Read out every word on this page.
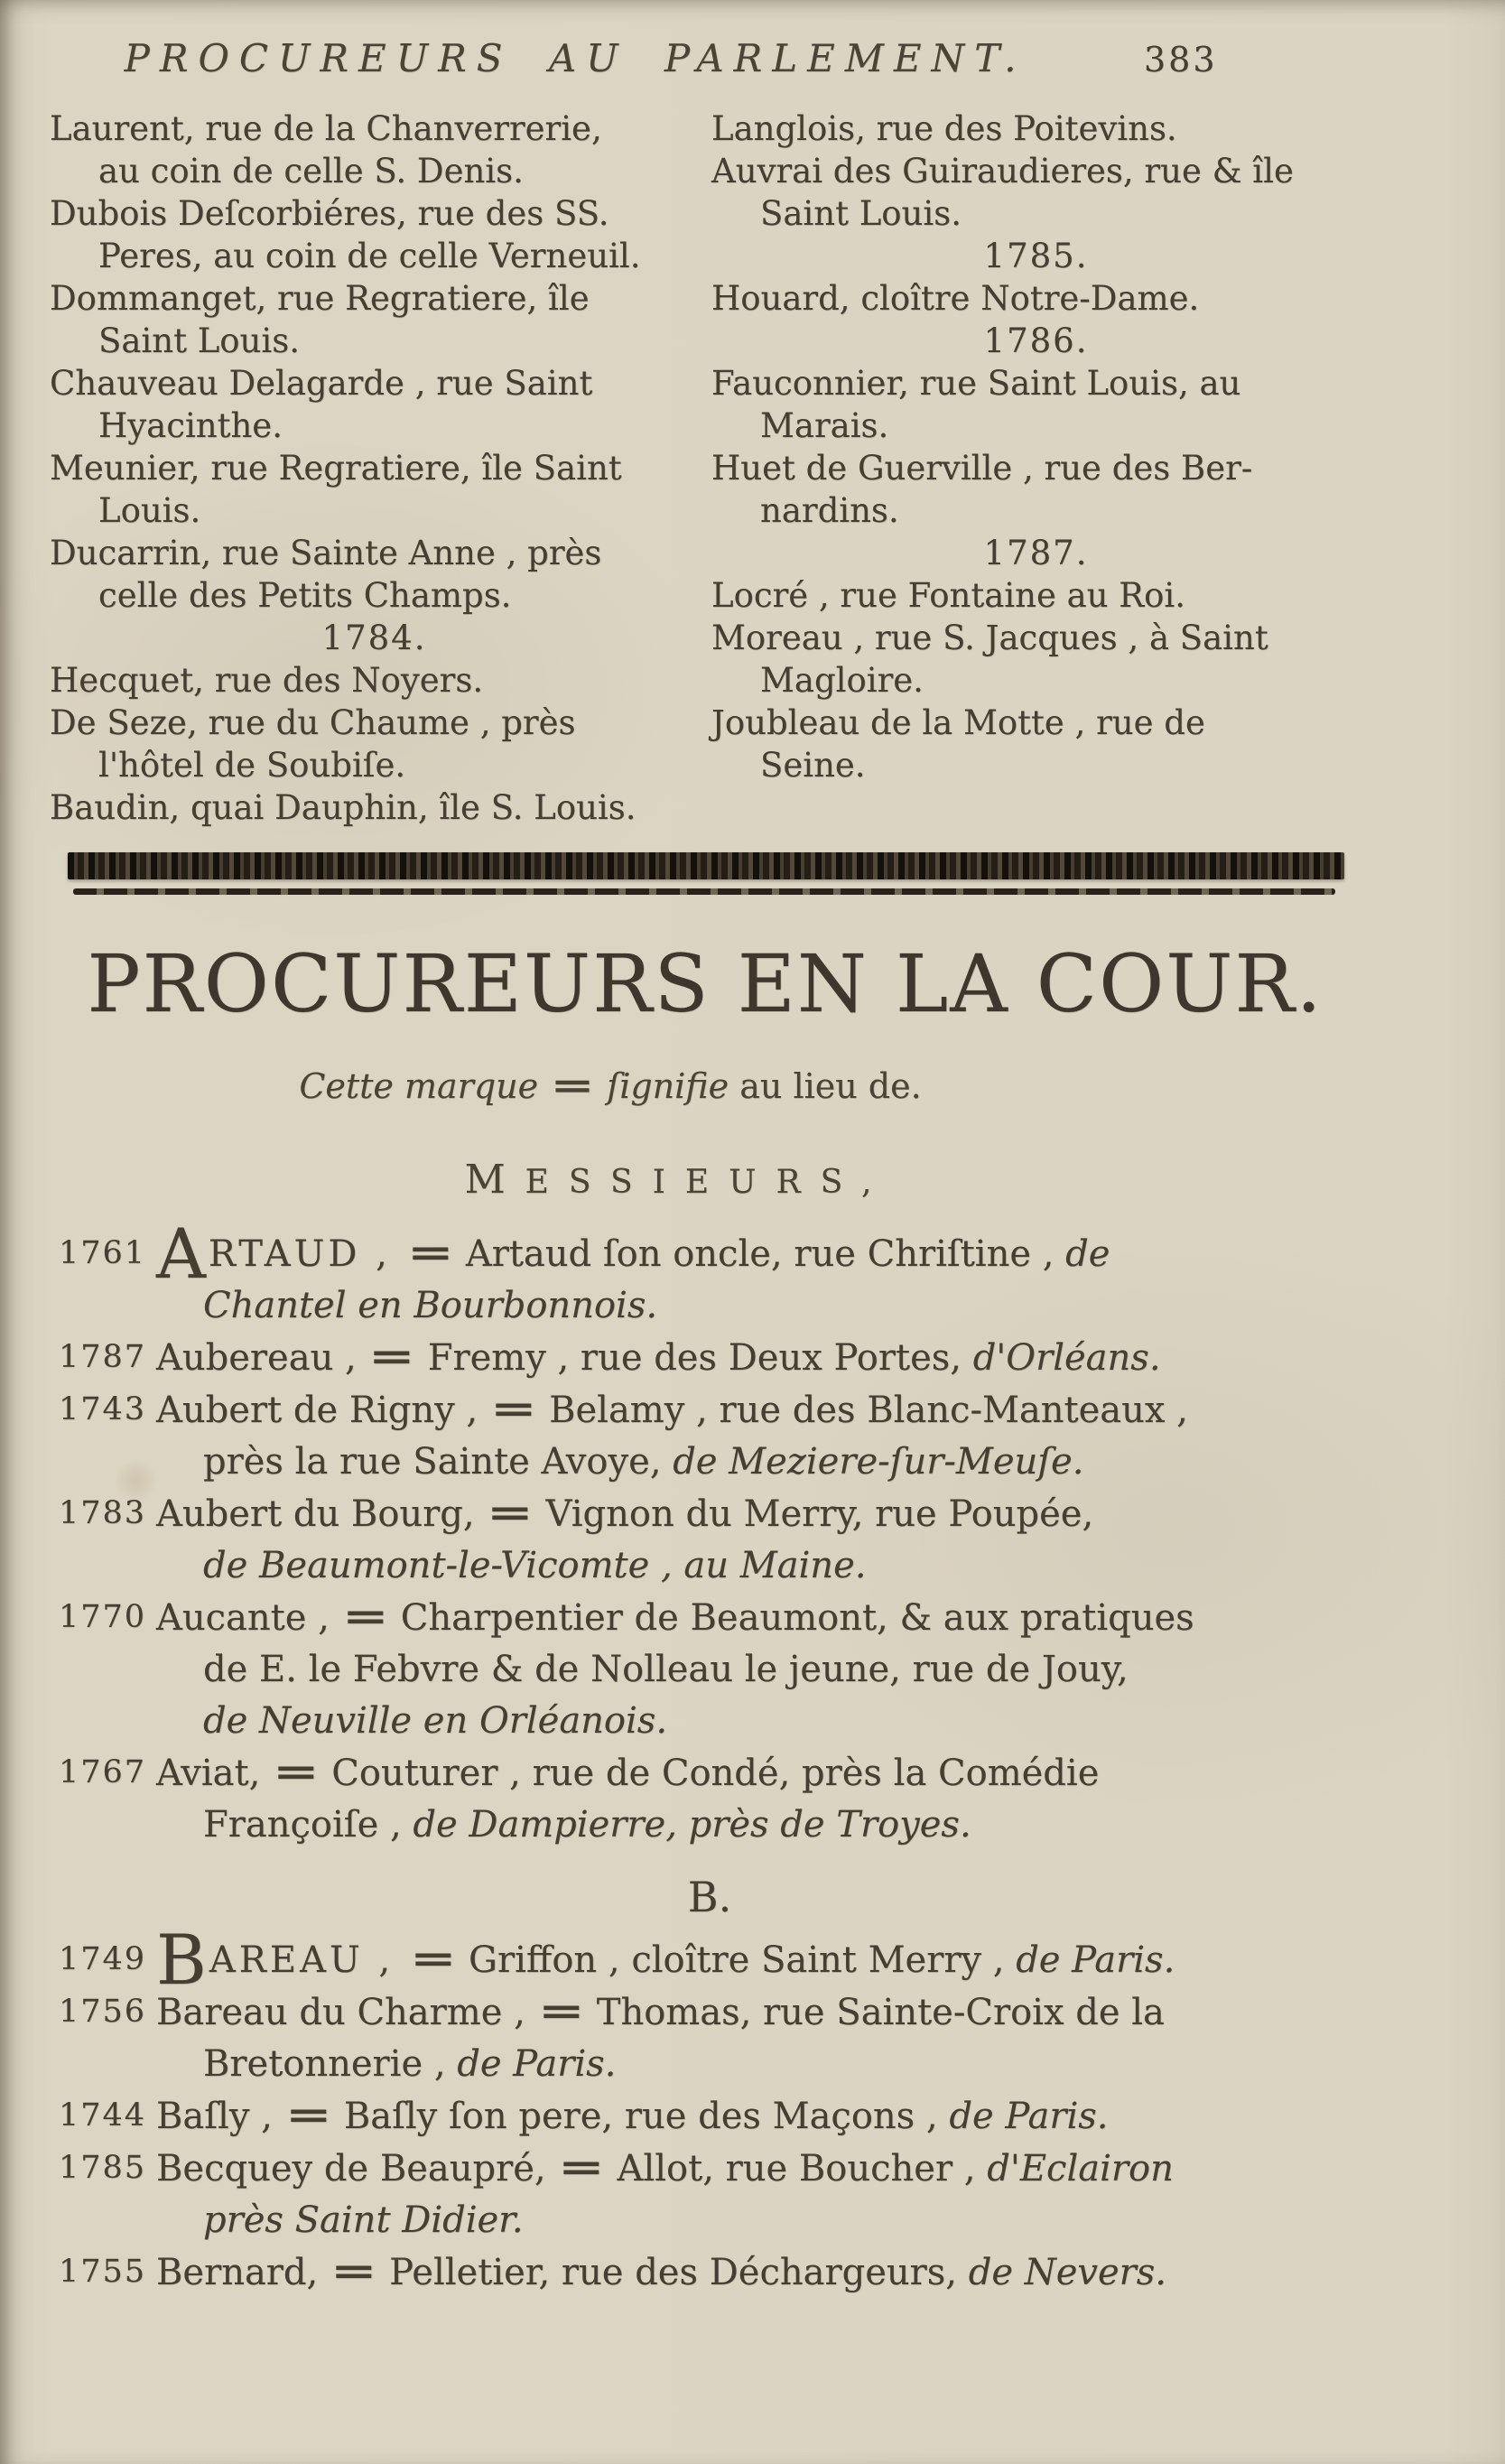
PROCUREURS AU PARLEMENT.	383
Laurent, rue de la Chanverrerie,
au coin de celle S. Denis.
Dubois Deſcorbiéres, rue des SS.
Peres, au coin de celle Verneuil.
Dommanget, rue Regratiere, île
Saint Louis.
Chauveau Delagarde , rue Saint
Hyacinthe.
Meunier, rue Regratiere, île Saint
Louis.
Ducarrin, rue Sainte Anne , près
celle des Petits Champs.
1784.
Hecquet, rue des Noyers.
De Seze, rue du Chaume , près
l'hôtel de Soubiſe.
Baudin, quai Dauphin, île S. Louis.
Langlois, rue des Poitevins.
Auvrai des Guiraudieres, rue & île
Saint Louis.
1785.
Houard, cloître Notre-Dame.
1786.
Fauconnier, rue Saint Louis, au
Marais.
Huet de Guerville , rue des Ber-
nardins.
1787.
Locré , rue Fontaine au Roi.
Moreau , rue S. Jacques , à Saint
Magloire.
Joubleau de la Motte , rue de
Seine.
PROCUREURS EN LA COUR.
Cette marque = ſignifie au lieu de.
MESSIEURS,
1761 ARTAUD , = Artaud ſon oncle, rue Chriſtine , de
Chantel en Bourbonnois.
1787 Aubereau , = Fremy , rue des Deux Portes, d'Orléans.
1743 Aubert de Rigny , = Belamy , rue des Blanc-Manteaux ,
près la rue Sainte Avoye, de Meziere-ſur-Meuſe.
1783 Aubert du Bourg, = Vignon du Merry, rue Poupée,
de Beaumont-le-Vicomte , au Maine.
1770 Aucante , = Charpentier de Beaumont, & aux pratiques
de E. le Febvre & de Nolleau le jeune, rue de Jouy,
de Neuville en Orléanois.
1767 Aviat, = Couturer , rue de Condé, près la Comédie
Françoiſe , de Dampierre, près de Troyes.
B.
1749 BAREAU , = Griffon , cloître Saint Merry , de Paris.
1756 Bareau du Charme , = Thomas, rue Sainte-Croix de la
Bretonnerie , de Paris.
1744 Baſly , = Baſly ſon pere, rue des Maçons , de Paris.
1785 Becquey de Beaupré, = Allot, rue Boucher , d'Eclairon
près Saint Didier.
1755 Bernard, = Pelletier, rue des Déchargeurs, de Nevers.
